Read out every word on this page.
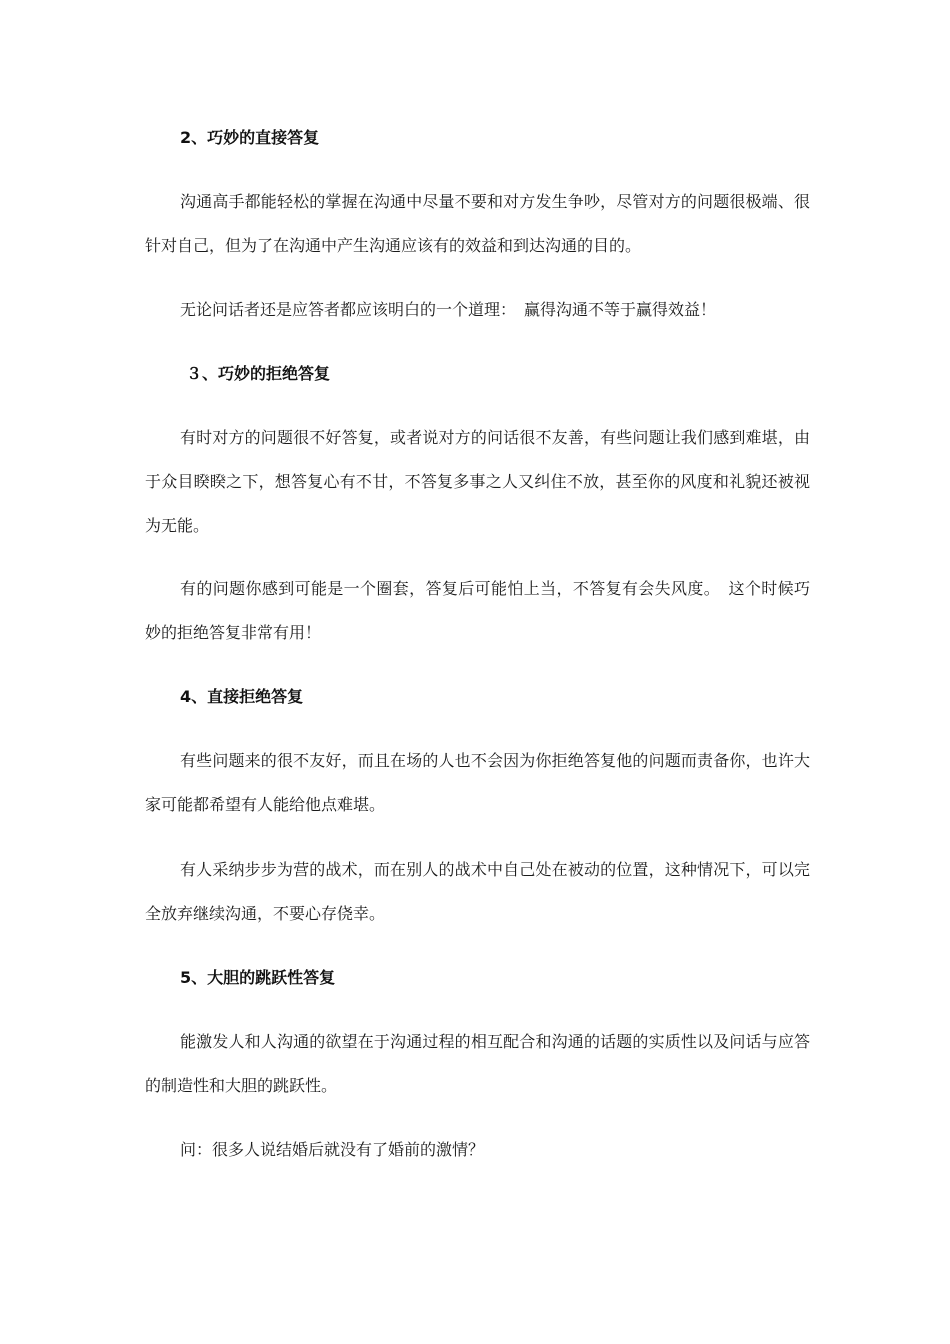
2、巧妙的直接答复

沟通高手都能轻松的掌握在沟通中尽量不要和对方发生争吵，尽管对方的问题很极端、很针对自己，但为了在沟通中产生沟通应该有的效益和到达沟通的目的。

无论问话者还是应答者都应该明白的一个道理：　赢得沟通不等于赢得效益！

３、巧妙的拒绝答复

有时对方的问题很不好答复，或者说对方的问话很不友善，有些问题让我们感到难堪，由于众目睽睽之下，想答复心有不甘，不答复多事之人又纠住不放，甚至你的风度和礼貌还被视为无能。

有的问题你感到可能是一个圈套，答复后可能怕上当，不答复有会失风度。　这个时候巧妙的拒绝答复非常有用！

4、直接拒绝答复

有些问题来的很不友好，而且在场的人也不会因为你拒绝答复他的问题而责备你，也许大家可能都希望有人能给他点难堪。

有人采纳步步为营的战术，而在别人的战术中自己处在被动的位置，这种情况下，可以完全放弃继续沟通，不要心存侥幸。

5、大胆的跳跃性答复

能激发人和人沟通的欲望在于沟通过程的相互配合和沟通的话题的实质性以及问话与应答的制造性和大胆的跳跃性。

问：很多人说结婚后就没有了婚前的激情？
